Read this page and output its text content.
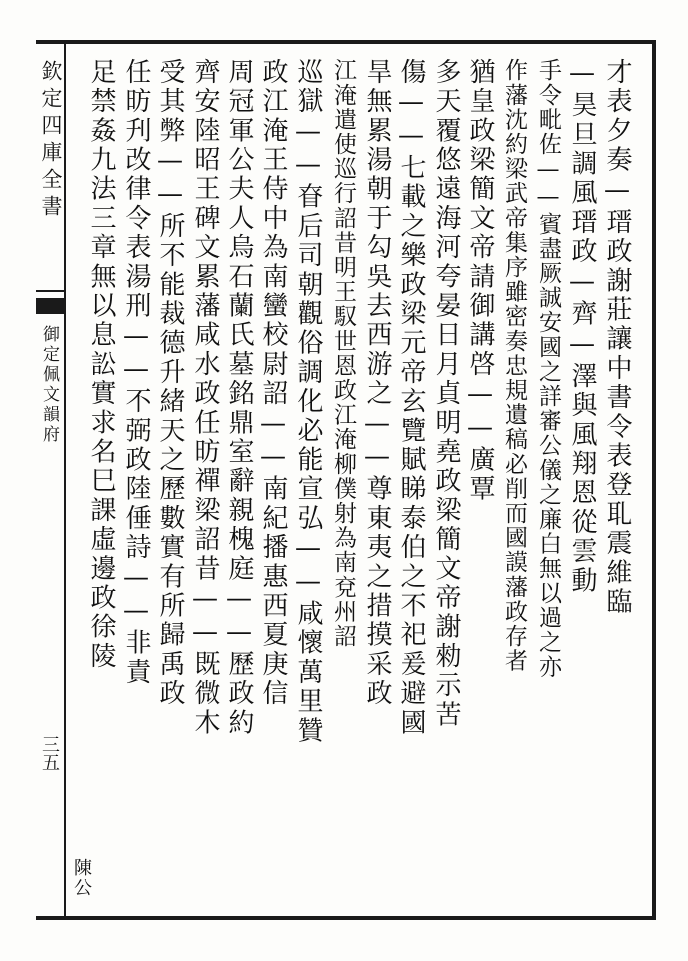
欽定四庫全書
御定佩文韻府
三五
才表夕奏—瑨政謝莊讓中書令表登耴震維臨
—昊旦調風瑨政—齊—澤與風翔恩從雲動
手令毗佐——賓盡厥誠安國之詳審公儀之廉白無以過之亦
作藩沈約梁武帝集序雖密奏忠規遺稿必削而國謨藩政存者
猶皇政梁簡文帝請御講啓——廣覃
多天覆悠遠海河夸晏日月貞明堯政梁簡文帝謝勑示苦
傷——七載之樂政梁元帝玄覽賦睇泰伯之不祀爰避國
旱無累湯朝于勾吳去西游之——尊東夷之措摸采政
江淹遣使巡行詔昔明王馭世恩政江淹柳僕射為南兗州詔
巡獄——眘后司朝觀俗調化必能宣弘——咸懷萬里贊
政江淹王侍中為南蠻校尉詔——南紀播惠西夏庚信
周冠軍公夫人烏石蘭氏墓銘鼎室辭親槐庭——歷政約
齊安陸昭王碑文累藩咸水政任昉禪梁詔昔——既微木
受其弊——所不能裁德升緒天之歷數實有所歸禹政
任昉刋改律令表湯刑——不弼政陸倕詩——非責
足禁姦九法三章無以息訟實求名巳課虛邊政徐陵
陳公
